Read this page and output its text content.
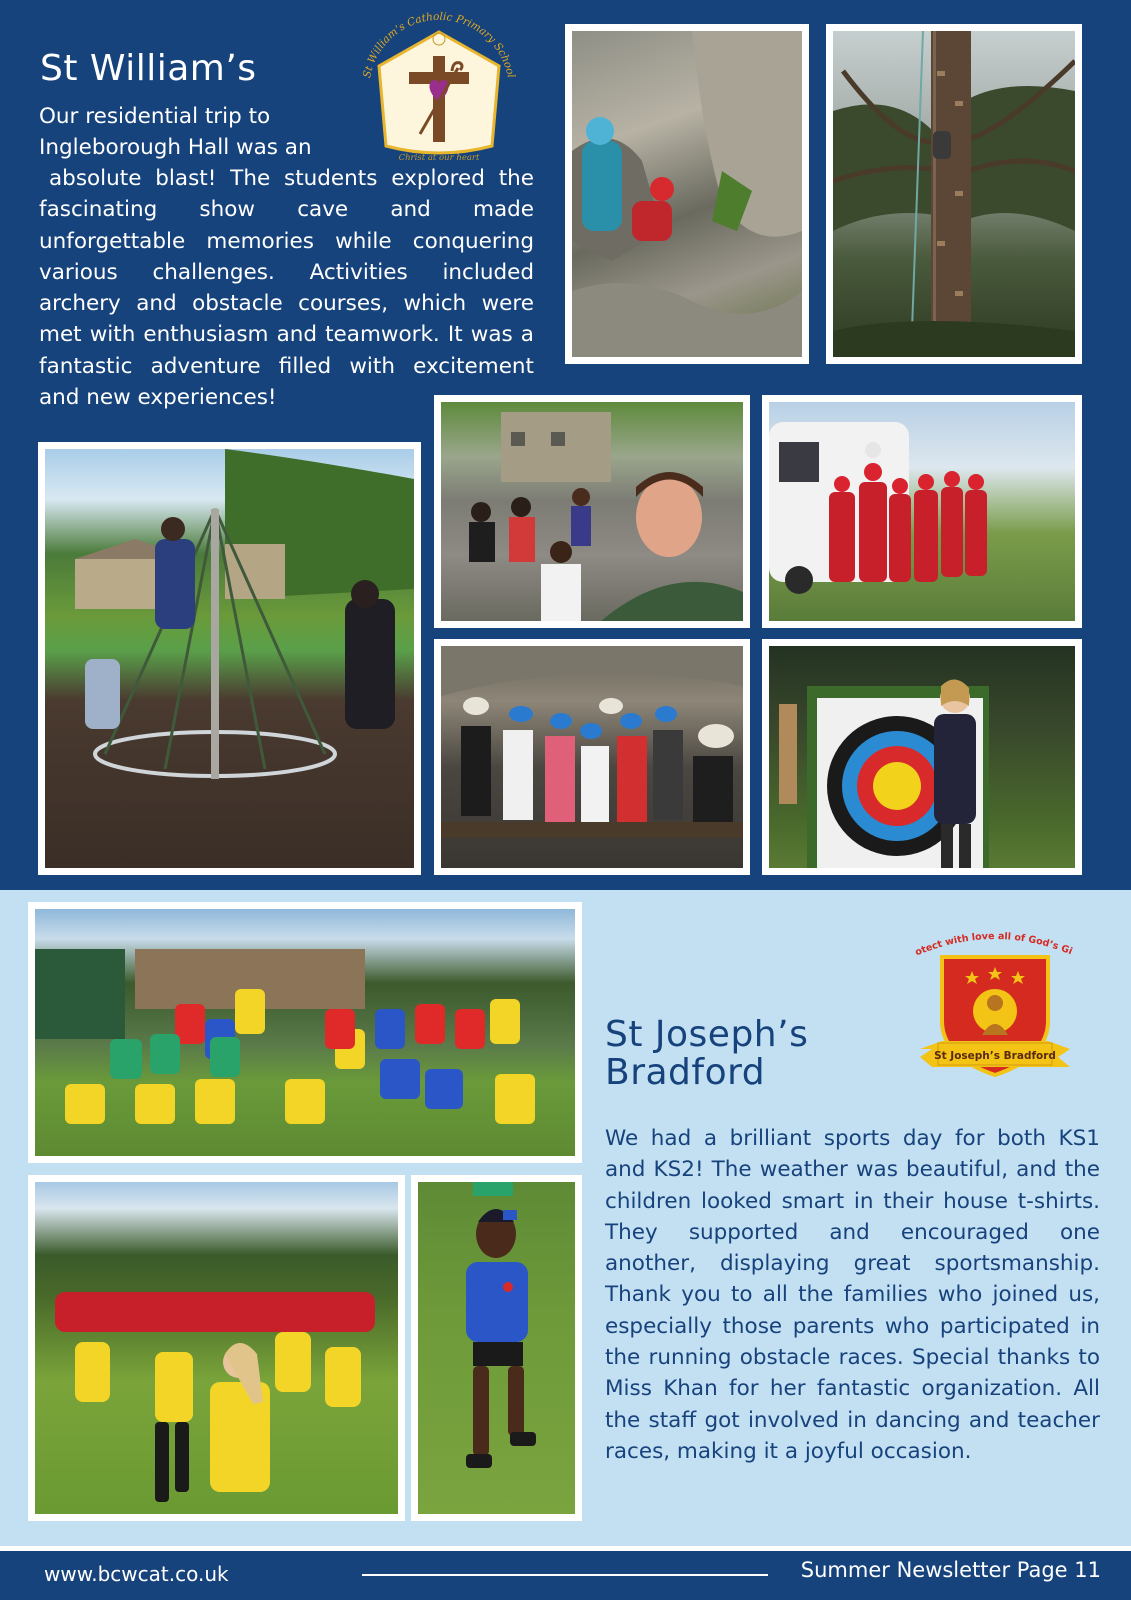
St William’s
Our residential trip to
Ingleborough Hall was an
absolute blast! The students explored the fascinating show cave and made unforgettable memories while conquering various challenges. Activities included archery and obstacle courses, which were met with enthusiasm and teamwork. It was a fantastic adventure filled with excitement and new experiences!
St William’s Catholic Primary School
Christ at our heart
otect with love all of God’s Gi
St Joseph’s Bradford
St Joseph’s
Bradford
We had a brilliant sports day for both KS1 and KS2! The weather was beautiful, and the children looked smart in their house t-shirts. They supported and encouraged one another, displaying great sportsmanship. Thank you to all the families who joined us, especially those parents who participated in the running obstacle races. Special thanks to Miss Khan for her fantastic organization. All the staff got involved in dancing and teacher races, making it a joyful occasion.
www.bcwcat.co.uk	Summer Newsletter Page 11
